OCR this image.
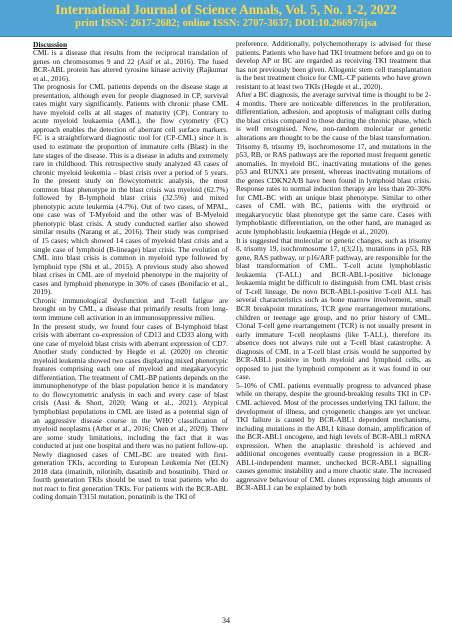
International Journal of Science Annals, Vol. 5, No. 1-2, 2022
print ISSN: 2617-2682; online ISSN: 2707-3637; DOI:10.26697/ijsa
Discussion

CML is a disease that results from the reciprocal translation of genes on chromosomes 9 and 22 (Asif et al., 2016). The fused BCR-ABL protein has altered tyrosine kinase activity (Rajkumar et al., 2016).

The prognosis for CML patients depends on the disease stage at presentation, although even for people diagnosed in CP, survival rates might vary significantly. Patients with chronic phase CML have myeloid cells at all stages of maturity (CP). Contrary to acute myeloid leukaemia (AML), the flow cytometry (FC) approach enables the detection of aberrant cell surface markers. FC is a straightforward diagnostic tool for (CP-CML) since it is used to estimate the proportion of immature cells (Blast) in the late stages of the disease. This is a disease in adults and extremely rare in childhood. This retrospective study analyzed 43 cases of chronic myeloid leukemia – blast crisis over a period of 5 years. In the present study on flowcytometric analysis, the most common blast phenotype in the blast crisis was myeloid (62.7%) followed by B-lymphoid blast crisis (32.5%) and mixed phenotypic acute leukemia (4.7%). Out of two cases, of MPAL, one case was of T-Myeloid and the other was of B-Myeloid phenotypic blast crisis. A study conducted earlier also showed similar results (Narang et al., 2016). Their study was comprised of 15 cases; which showed 14 cases of myeloid blast crisis and a single case of lymphoid (B-lineage) blast crisis. The evolution of CML into blast crisis is common in myeloid type followed by lymphoid type (Shi et al., 2015). A previous study also showed blast crises in CML are of myeloid phenotype in the majority of cases and lymphoid phenotype in 30% of cases (Bonifacio et al., 2019).

Chronic immunological dysfunction and T-cell fatigue are brought on by CML, a disease that primarily results from long-term immune cell activation in an immunosuppressive milieu.

In the present study, we found four cases of B-lymphoid blast crisis with aberrant co-expression of CD13 and CD33 along with one case of myeloid blast crisis with aberrant expression of CD7. Another study conducted by Hegde et al. (2020) on chronic myeloid leukemia showed two cases displaying mixed phenotypic features comprising each one of myeloid and megakaryocytic differentiation. The treatment of CML-BP patients depends on the immunophenotype of the blast population hence it is mandatory to do flowcytometric analysis in each and every case of blast crisis (Assi & Short, 2020; Wang et al., 2021). Atypical lymphoblast populations in CML are listed as a potential sign of an aggressive disease course in the WHO classification of myeloid neoplasms (Arber et al., 2016; Chen et al., 2020). There are some study limitations, including the fact that it was conducted at just one hospital and there was no patient follow-up. Newly diagnosed cases of CML-BC are treated with first-generation TKIs, according to European Leukemia Net (ELN) 2018 data (imatinib, nilotinib, dasatinib and bosutinib). Third or fourth generation TKIs should be used to treat patients who do not react to first generation TKIs. For patients with the BCR-ABL coding domain T315I mutation, ponatinib is the TKI of

preference. Additionally, polychemotherapy is advised for these patients. Patients who have had TKI treatment before and go on to develop AP or BC are regarded as receiving TKI treatment that has not previously been given. Allogenic stem cell transplantation is the best treatment choice for CML-CP patients who have grown resistant to at least two TKIs (Hegde et al., 2020).

After a BC diagnosis, the average survival time is thought to be 2-4 months. There are noticeable differences in the proliferation, differentiation, adhesion, and apoptosis of malignant cells during the blast crisis compared to those during the chronic phase, which is well recognised. New, non-random molecular or genetic alterations are thought to be the cause of the blast transformation. Trisomy 8, trisomy 19, isochromosome 17, and mutations in the p53, RB, or RAS pathways are the reported most frequent genetic anomalies. In myeloid BC, inactivating mutations of the genes p53 and RUNX1 are present, whereas inactivating mutations of the genes CDKN2A/B have been found in lymphoid blast crisis. Response rates to normal induction therapy are less than 20–30% for CML-BC with an unique blast phenotype. Similar to other cases of CML with BC, patients with the erythroid or megakaryocytic blast phenotype get the same care. Cases with lymphoblastic differentiation, on the other hand, are managed as acute lymphoblastic leukaemia (Hegde et al., 2020).

It is suggested that molecular or genetic changes, such as trisomy 8, trisomy 19, isochromosome 17, t(3;21), mutations in p53, RB gene, RAS pathway, or p16/ARF pathway, are responsible for the blast transformation of CML. T-cell acute lymphoblastic leukaemia (T-ALL) and BCR-ABL1-positive biclonage leukaemia might be difficult to distinguish from CML blast crisis of T-cell lineage. De novo BCR-ABL1-positive T-cell ALL has several characteristics such as bone marrow involvement, small BCR breakpoint mutations, TCR gene rearrangement mutations, children or teenage age group, and no prior history of CML. Clonal T-cell gene rearrangement (TCR) is not usually present in early immature T-cell neoplasms (like T-ALL), therefore its absence does not always rule out a T-cell blast catastrophe. A diagnosis of CML in a T-cell blast crisis would be supported by BCR-ABL1 positive in both myeloid and lymphoid cells, as opposed to just the lymphoid component as it was found in our case.

5–10% of CML patients eventually progress to advanced phase while on therapy, despite the ground-breaking results TKI in CP-CML achieved. Most of the processes underlying TKI failure, the development of illness, and cytogenetic changes are yet unclear. TKI failure is caused by BCR-ABL1 dependent mechanisms, including mutations in the ABL1 kinase domain, amplification of the BCR-ABL1 oncogene, and high levels of BCR-ABL1 mRNA expression. When the anaplastic threshold is achieved and additional oncogenes eventually cause progression in a BCR-ABL1-independent manner, unchecked BCR-ABL1 signalling causes genomic instability and a more chaotic state. The increased aggressive behaviour of CML clones expressing high amounts of BCR-ABL1 can be explained by both

34
